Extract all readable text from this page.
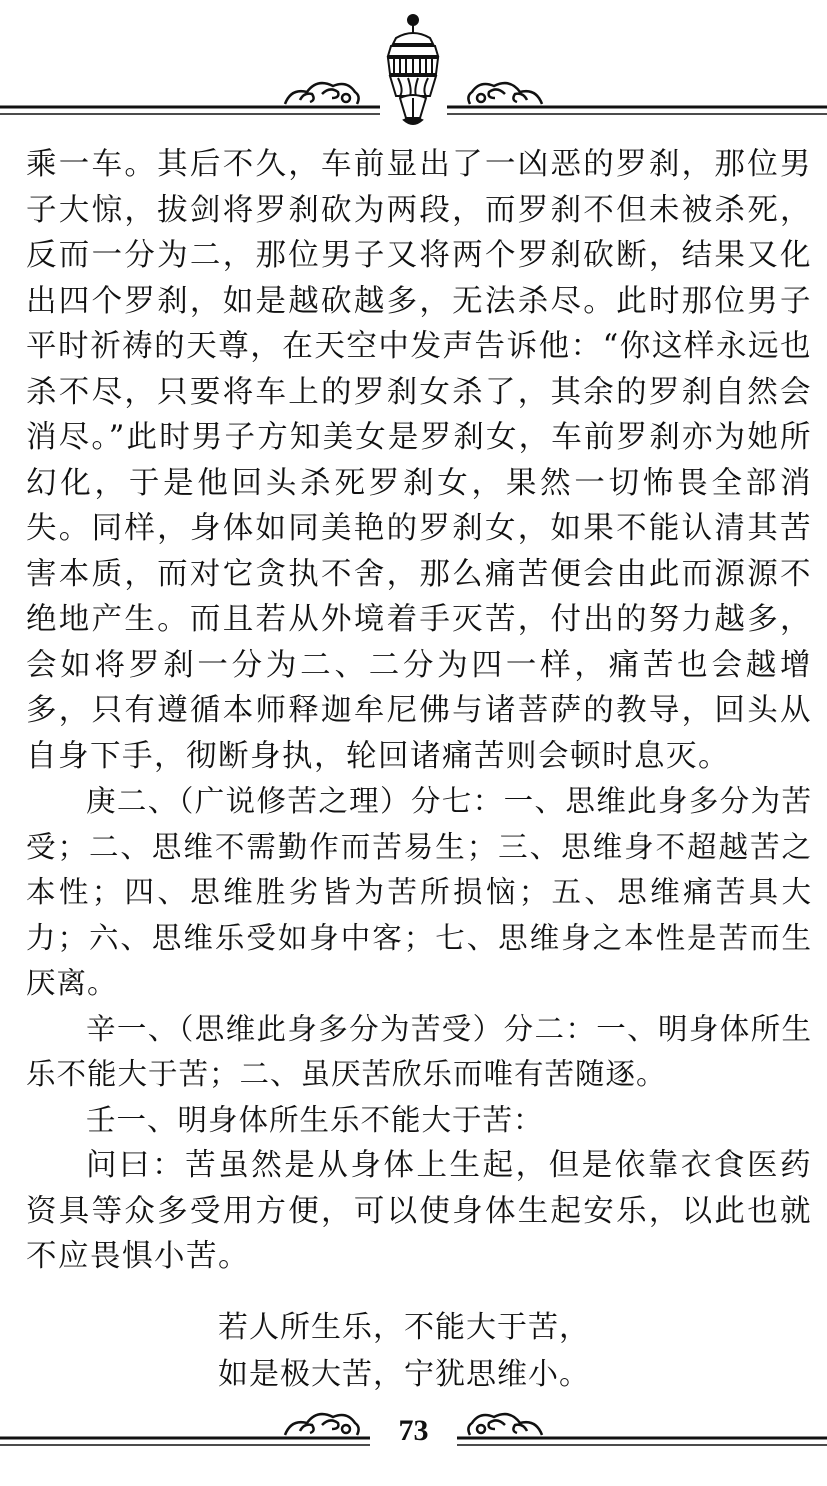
乘一车。其后不久，车前显出了一凶恶的罗刹，那位男子大惊，拔剑将罗刹砍为两段，而罗刹不但未被杀死，反而一分为二，那位男子又将两个罗刹砍断，结果又化出四个罗刹，如是越砍越多，无法杀尽。此时那位男子平时祈祷的天尊，在天空中发声告诉他：“你这样永远也杀不尽，只要将车上的罗刹女杀了，其余的罗刹自然会消尽。”此时男子方知美女是罗刹女，车前罗刹亦为她所幻化，于是他回头杀死罗刹女，果然一切怖畏全部消失。同样，身体如同美艳的罗刹女，如果不能认清其苦害本质，而对它贪执不舍，那么痛苦便会由此而源源不绝地产生。而且若从外境着手灭苦，付出的努力越多，会如将罗刹一分为二、二分为四一样，痛苦也会越增多，只有遵循本师释迦牟尼佛与诸菩萨的教导，回头从自身下手，彻断身执，轮回诸痛苦则会顿时息灭。

庚二、（广说修苦之理）分七：一、思维此身多分为苦受；二、思维不需勤作而苦易生；三、思维身不超越苦之本性；四、思维胜劣皆为苦所损恼；五、思维痛苦具大力；六、思维乐受如身中客；七、思维身之本性是苦而生厌离。

辛一、（思维此身多分为苦受）分二：一、明身体所生乐不能大于苦；二、虽厌苦欣乐而唯有苦随逐。

壬一、明身体所生乐不能大于苦：

问曰：苦虽然是从身体上生起，但是依靠衣食医药资具等众多受用方便，可以使身体生起安乐，以此也就不应畏惧小苦。

若人所生乐，不能大于苦，
如是极大苦，宁犹思维小。
73
